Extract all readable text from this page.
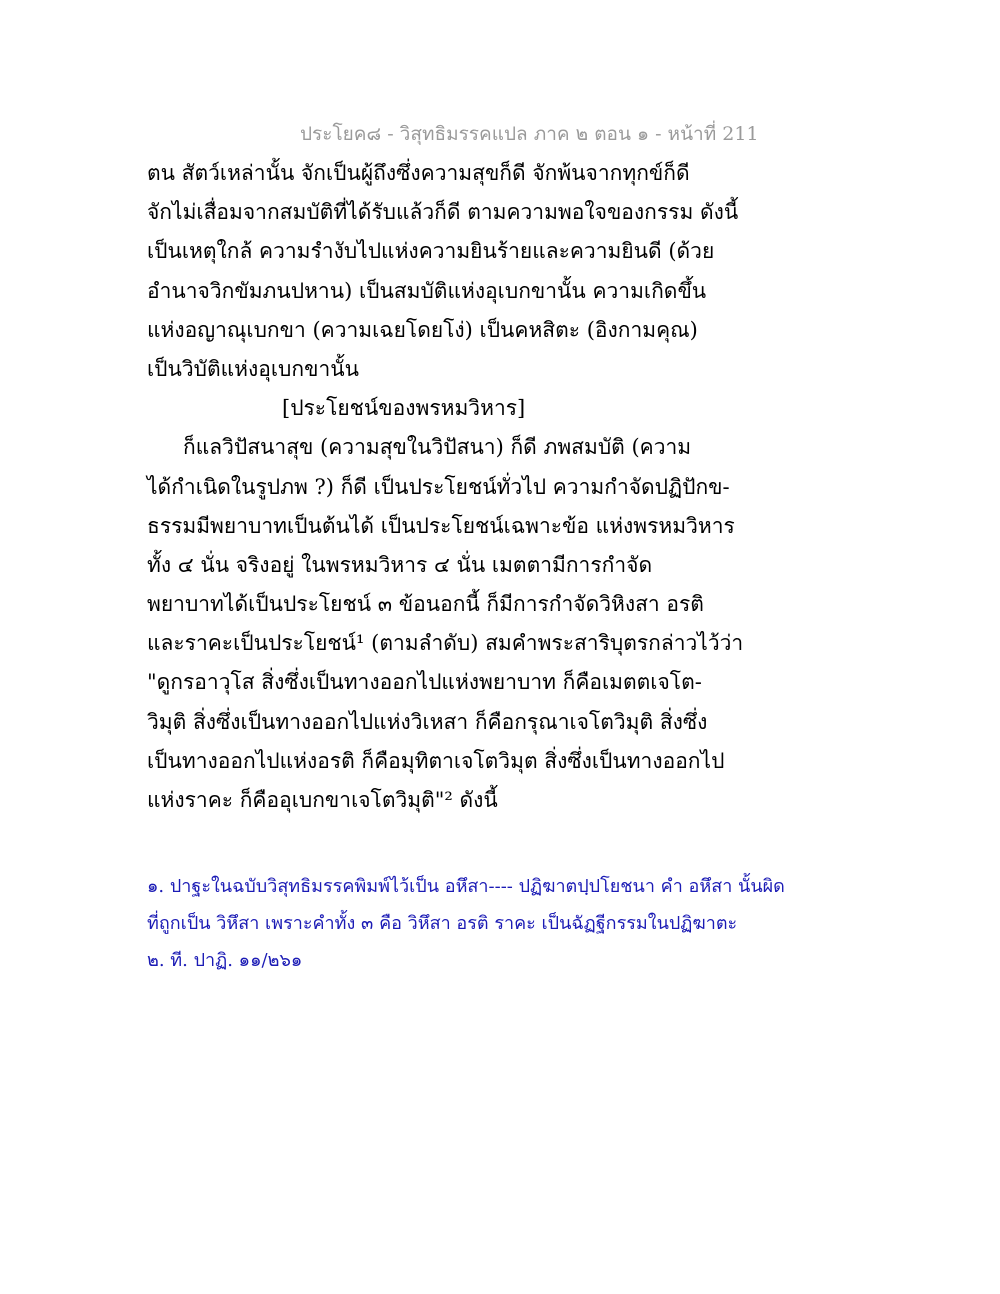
ประโยค๘ - วิสุทธิมรรคแปล ภาค ๒ ตอน ๑ - หน้าที่ 211
ตน สัตว์เหล่านั้น จักเป็นผู้ถึงซึ่งความสุขก็ดี จักพ้นจากทุกข์ก็ดี
จักไม่เสื่อมจากสมบัติที่ได้รับแล้วก็ดี ตามความพอใจของกรรม ดังนี้
เป็นเหตุใกล้ ความรำงับไปแห่งความยินร้ายและความยินดี (ด้วย
อำนาจวิกขัมภนปหาน) เป็นสมบัติแห่งอุเบกขานั้น ความเกิดขึ้น
แห่งอญาณุเบกขา (ความเฉยโดยโง่) เป็นคหสิตะ (อิงกามคุณ)
เป็นวิบัติแห่งอุเบกขานั้น
[ประโยชน์ของพรหมวิหาร]
ก็แลวิปัสนาสุข (ความสุขในวิปัสนา) ก็ดี ภพสมบัติ (ความ
ได้กำเนิดในรูปภพ ?) ก็ดี เป็นประโยชน์ทั่วไป ความกำจัดปฏิปักข-
ธรรมมีพยาบาทเป็นต้นได้ เป็นประโยชน์เฉพาะข้อ แห่งพรหมวิหาร
ทั้ง ๔ นั่น จริงอยู่ ในพรหมวิหาร ๔ นั่น เมตตามีการกำจัด
พยาบาทได้เป็นประโยชน์ ๓ ข้อนอกนี้ ก็มีการกำจัดวิหิงสา อรติ
และราคะเป็นประโยชน์¹ (ตามลำดับ) สมคำพระสาริบุตรกล่าวไว้ว่า
"ดูกรอาวุโส สิ่งซึ่งเป็นทางออกไปแห่งพยาบาท ก็คือเมตตเจโต-
วิมุติ สิ่งซึ่งเป็นทางออกไปแห่งวิเหสา ก็คือกรุณาเจโตวิมุติ สิ่งซึ่ง
เป็นทางออกไปแห่งอรติ ก็คือมุทิตาเจโตวิมุต สิ่งซึ่งเป็นทางออกไป
แห่งราคะ ก็คืออุเบกขาเจโตวิมุติ"² ดังนี้
๑. ปาฐะในฉบับวิสุทธิมรรคพิมพ์ไว้เป็น อหึสา---- ปฏิฆาตปฺปโยชนา คำ อหึสา นั้นผิด
ที่ถูกเป็น วิหึสา เพราะคำทั้ง ๓ คือ วิหึสา อรติ ราคะ เป็นฉัฏฐีกรรมในปฏิฆาตะ
๒. ที. ปาฏิ. ๑๑/๒๖๑
